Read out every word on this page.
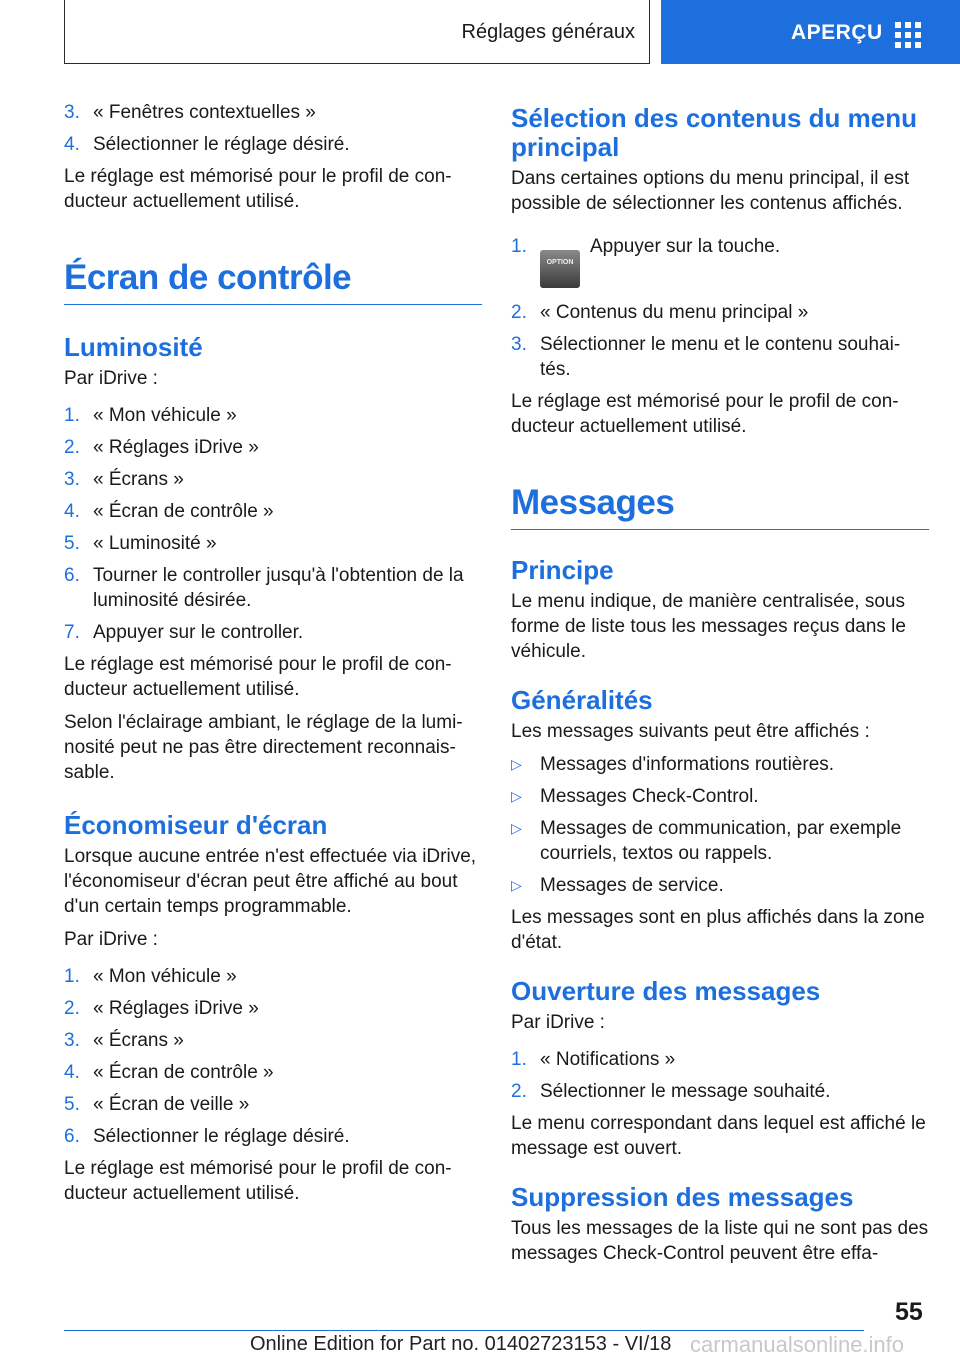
Réglages généraux	APERÇU
3. « Fenêtres contextuelles »
4. Sélectionner le réglage désiré.

Le réglage est mémorisé pour le profil de con‐ducteur actuellement utilisé.

Écran de contrôle
Luminosité

Par iDrive :

1. « Mon véhicule »
2. « Réglages iDrive »
3. « Écrans »
4. « Écran de contrôle »
5. « Luminosité »
6. Tourner le controller jusqu'à l'obtention de la luminosité désirée.
7. Appuyer sur le controller.

Le réglage est mémorisé pour le profil de con‐ducteur actuellement utilisé.

Selon l'éclairage ambiant, le réglage de la lumi‐nosité peut ne pas être directement reconnais‐sable.

Économiseur d'écran

Lorsque aucune entrée n'est effectuée via iDrive, l'économiseur d'écran peut être affiché au bout d'un certain temps programmable.

Par iDrive :

1. « Mon véhicule »
2. « Réglages iDrive »
3. « Écrans »
4. « Écran de contrôle »
5. « Écran de veille »
6. Sélectionner le réglage désiré.

Le réglage est mémorisé pour le profil de con‐ducteur actuellement utilisé.

Sélection des contenus du menu principal

Dans certaines options du menu principal, il est possible de sélectionner les contenus affichés.

1.
OPTIONAppuyer sur la touche.
2. « Contenus du menu principal »
3. Sélectionner le menu et le contenu souhai‐tés.

Le réglage est mémorisé pour le profil de con‐ducteur actuellement utilisé.

Messages
Principe

Le menu indique, de manière centralisée, sous forme de liste tous les messages reçus dans le véhicule.

Généralités

Les messages suivants peut être affichés :

▷ Messages d'informations routières.
▷ Messages Check-Control.
▷ Messages de communication, par exemple courriels, textos ou rappels.
▷ Messages de service.

Les messages sont en plus affichés dans la zone d'état.

Ouverture des messages

Par iDrive :

1. « Notifications »
2. Sélectionner le message souhaité.

Le menu correspondant dans lequel est affiché le message est ouvert.

Suppression des messages

Tous les messages de la liste qui ne sont pas des messages Check-Control peuvent être effa‐

55
Online Edition for Part no. 01402723153 - VI/18 carmanualsonline.info
